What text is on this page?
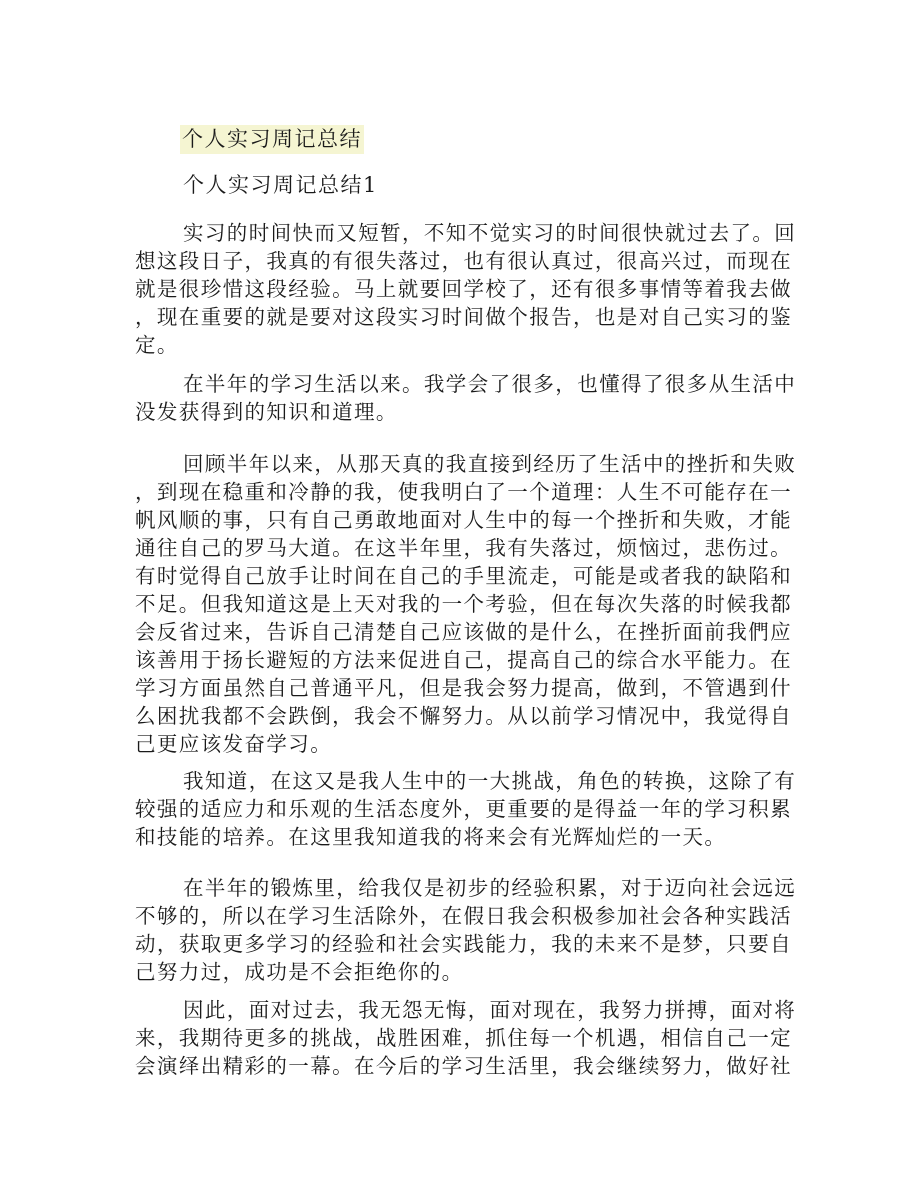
个人实习周记总结
个人实习周记总结1
实习的时间快而又短暂，不知不觉实习的时间很快就过去了。回
想这段日子，我真的有很失落过，也有很认真过，很高兴过，而现在
就是很珍惜这段经验。马上就要回学校了，还有很多事情等着我去做
，现在重要的就是要对这段实习时间做个报告，也是对自己实习的鉴
定。
在半年的学习生活以来。我学会了很多，也懂得了很多从生活中
没发获得到的知识和道理。
回顾半年以来，从那天真的我直接到经历了生活中的挫折和失败
，到现在稳重和冷静的我，使我明白了一个道理：人生不可能存在一
帆风顺的事，只有自己勇敢地面对人生中的每一个挫折和失败，才能
通往自己的罗马大道。在这半年里，我有失落过，烦恼过，悲伤过。
有时觉得自己放手让时间在自己的手里流走，可能是或者我的缺陷和
不足。但我知道这是上天对我的一个考验，但在每次失落的时候我都
会反省过来，告诉自己清楚自己应该做的是什么，在挫折面前我們应
该善用于扬长避短的方法来促进自己，提高自己的综合水平能力。在
学习方面虽然自己普通平凡，但是我会努力提高，做到，不管遇到什
么困扰我都不会跌倒，我会不懈努力。从以前学习情况中，我觉得自
己更应该发奋学习。
我知道，在这又是我人生中的一大挑战，角色的转换，这除了有
较强的适应力和乐观的生活态度外，更重要的是得益一年的学习积累
和技能的培养。在这里我知道我的将来会有光辉灿烂的一天。
在半年的锻炼里，给我仅是初步的经验积累，对于迈向社会远远
不够的，所以在学习生活除外，在假日我会积极参加社会各种实践活
动，获取更多学习的经验和社会实践能力，我的未来不是梦，只要自
己努力过，成功是不会拒绝你的。
因此，面对过去，我无怨无悔，面对现在，我努力拼搏，面对将
来，我期待更多的挑战，战胜困难，抓住每一个机遇，相信自己一定
会演绎出精彩的一幕。在今后的学习生活里，我会继续努力，做好社
